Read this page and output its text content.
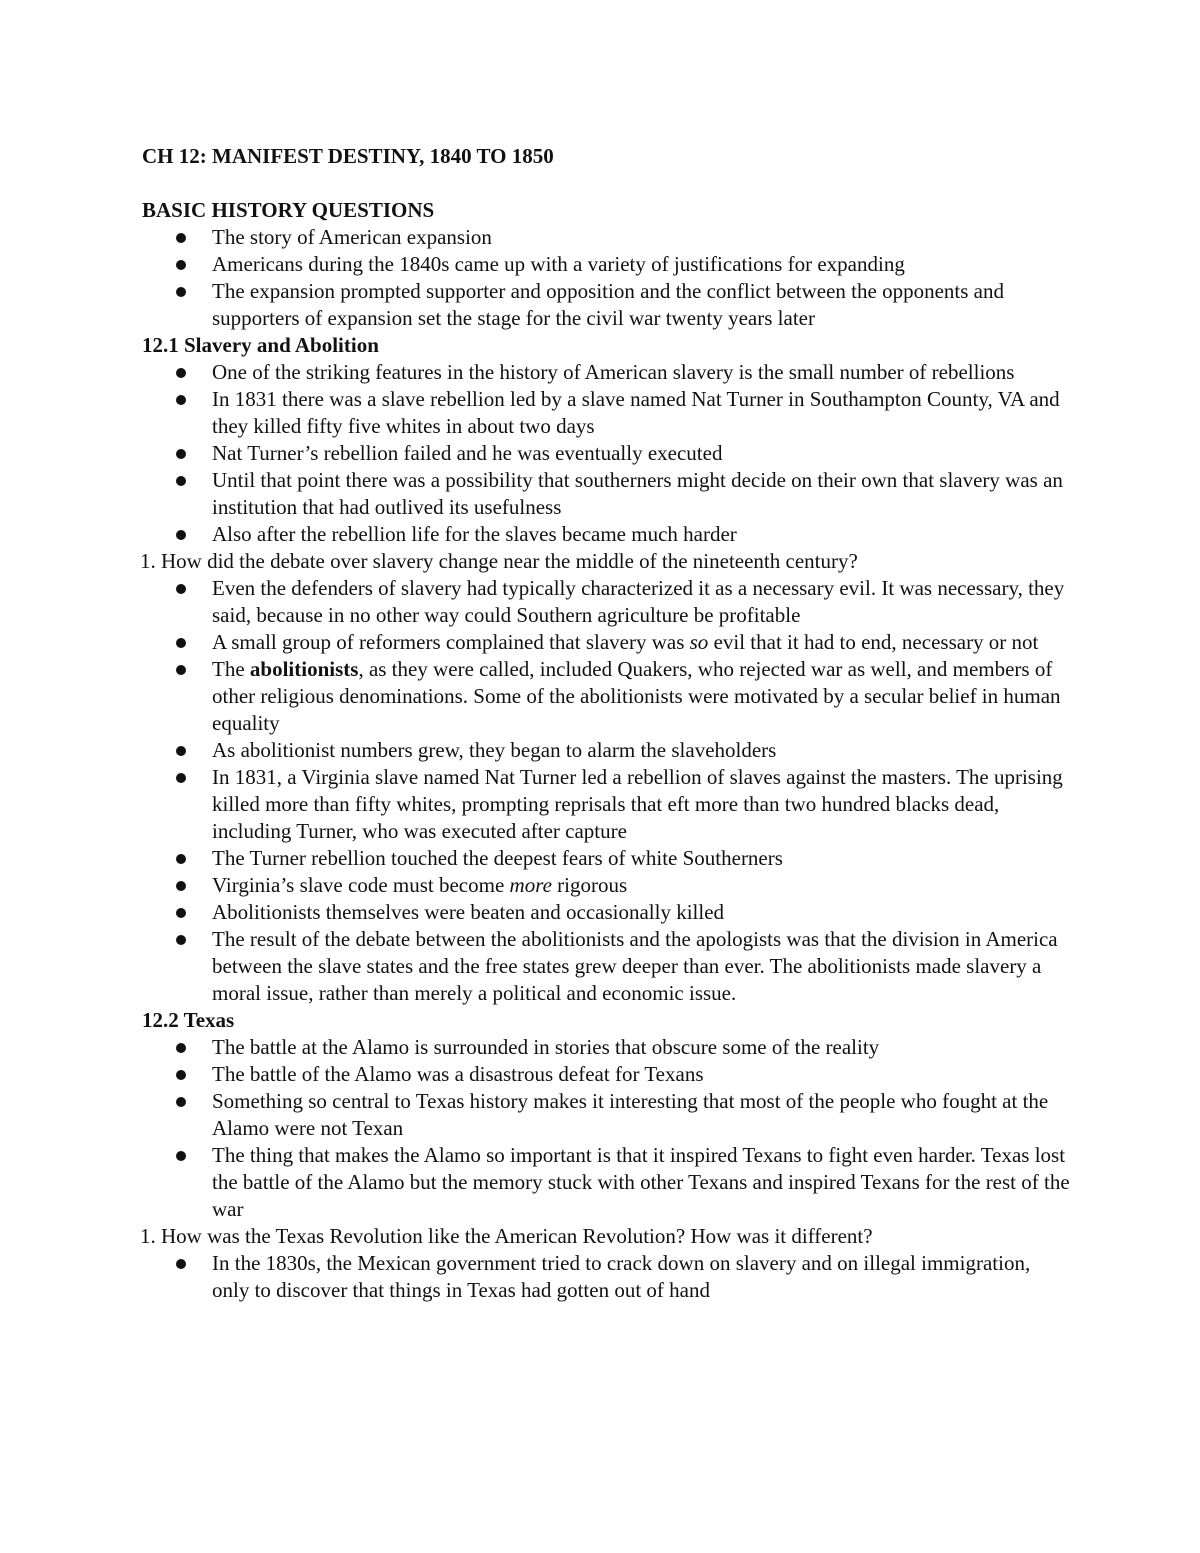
CH 12: MANIFEST DESTINY, 1840 TO 1850
BASIC HISTORY QUESTIONS
The story of American expansion
Americans during the 1840s came up with a variety of justifications for expanding
The expansion prompted supporter and opposition and the conflict between the opponents and supporters of expansion set the stage for the civil war twenty years later
12.1 Slavery and Abolition
One of the striking features in the history of American slavery is the small number of rebellions
In 1831 there was a slave rebellion led by a slave named Nat Turner in Southampton County, VA and they killed fifty five whites in about two days
Nat Turner’s rebellion failed and he was eventually executed
Until that point there was a possibility that southerners might decide on their own that slavery was an institution that had outlived its usefulness
Also after the rebellion life for the slaves became much harder
1. How did the debate over slavery change near the middle of the nineteenth century?
Even the defenders of slavery had typically characterized it as a necessary evil. It was necessary, they said, because in no other way could Southern agriculture be profitable
A small group of reformers complained that slavery was so evil that it had to end, necessary or not
The abolitionists, as they were called, included Quakers, who rejected war as well, and members of other religious denominations. Some of the abolitionists were motivated by a secular belief in human equality
As abolitionist numbers grew, they began to alarm the slaveholders
In 1831, a Virginia slave named Nat Turner led a rebellion of slaves against the masters. The uprising killed more than fifty whites, prompting reprisals that eft more than two hundred blacks dead, including Turner, who was executed after capture
The Turner rebellion touched the deepest fears of white Southerners
Virginia’s slave code must become more rigorous
Abolitionists themselves were beaten and occasionally killed
The result of the debate between the abolitionists and the apologists was that the division in America between the slave states and the free states grew deeper than ever. The abolitionists made slavery a moral issue, rather than merely a political and economic issue.
12.2 Texas
The battle at the Alamo is surrounded in stories that obscure some of the reality
The battle of the Alamo was a disastrous defeat for Texans
Something so central to Texas history makes it interesting that most of the people who fought at the Alamo were not Texan
The thing that makes the Alamo so important is that it inspired Texans to fight even harder. Texas lost the battle of the Alamo but the memory stuck with other Texans and inspired Texans for the rest of the war
1. How was the Texas Revolution like the American Revolution? How was it different?
In the 1830s, the Mexican government tried to crack down on slavery and on illegal immigration, only to discover that things in Texas had gotten out of hand
